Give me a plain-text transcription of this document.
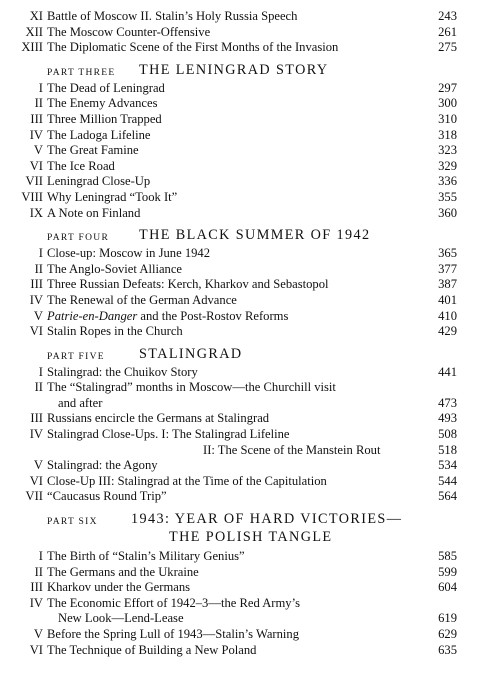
XI Battle of Moscow II. Stalin’s Holy Russia Speech	243
XII The Moscow Counter-Offensive	261
XIII The Diplomatic Scene of the First Months of the Invasion	275
PART THREE THE LENINGRAD STORY
I The Dead of Leningrad	297
II The Enemy Advances	300
III Three Million Trapped	310
IV The Ladoga Lifeline	318
V The Great Famine	323
VI The Ice Road	329
VII Leningrad Close-Up	336
VIII Why Leningrad “Took It”	355
IX A Note on Finland	360
PART FOUR THE BLACK SUMMER OF 1942
I Close-up: Moscow in June 1942	365
II The Anglo-Soviet Alliance	377
III Three Russian Defeats: Kerch, Kharkov and Sebastopol	387
IV The Renewal of the German Advance	401
V Patrie-en-Danger and the Post-Rostov Reforms	410
VI Stalin Ropes in the Church	429
PART FIVE STALINGRAD
I Stalingrad: the Chuikov Story	441
II The “Stalingrad” months in Moscow—the Churchill visit
and after	473
III Russians encircle the Germans at Stalingrad	493
IV Stalingrad Close-Ups. I: The Stalingrad Lifeline	508
II: The Scene of the Manstein Rout	518
V Stalingrad: the Agony	534
VI Close-Up III: Stalingrad at the Time of the Capitulation	544
VII “Caucasus Round Trip”	564
PART SIX 1943: YEAR OF HARD VICTORIES—
THE POLISH TANGLE
I The Birth of “Stalin’s Military Genius”	585
II The Germans and the Ukraine	599
III Kharkov under the Germans	604
IV The Economic Effort of 1942–3—the Red Army’s
New Look—Lend-Lease	619
V Before the Spring Lull of 1943—Stalin’s Warning	629
VI The Technique of Building a New Poland	635
